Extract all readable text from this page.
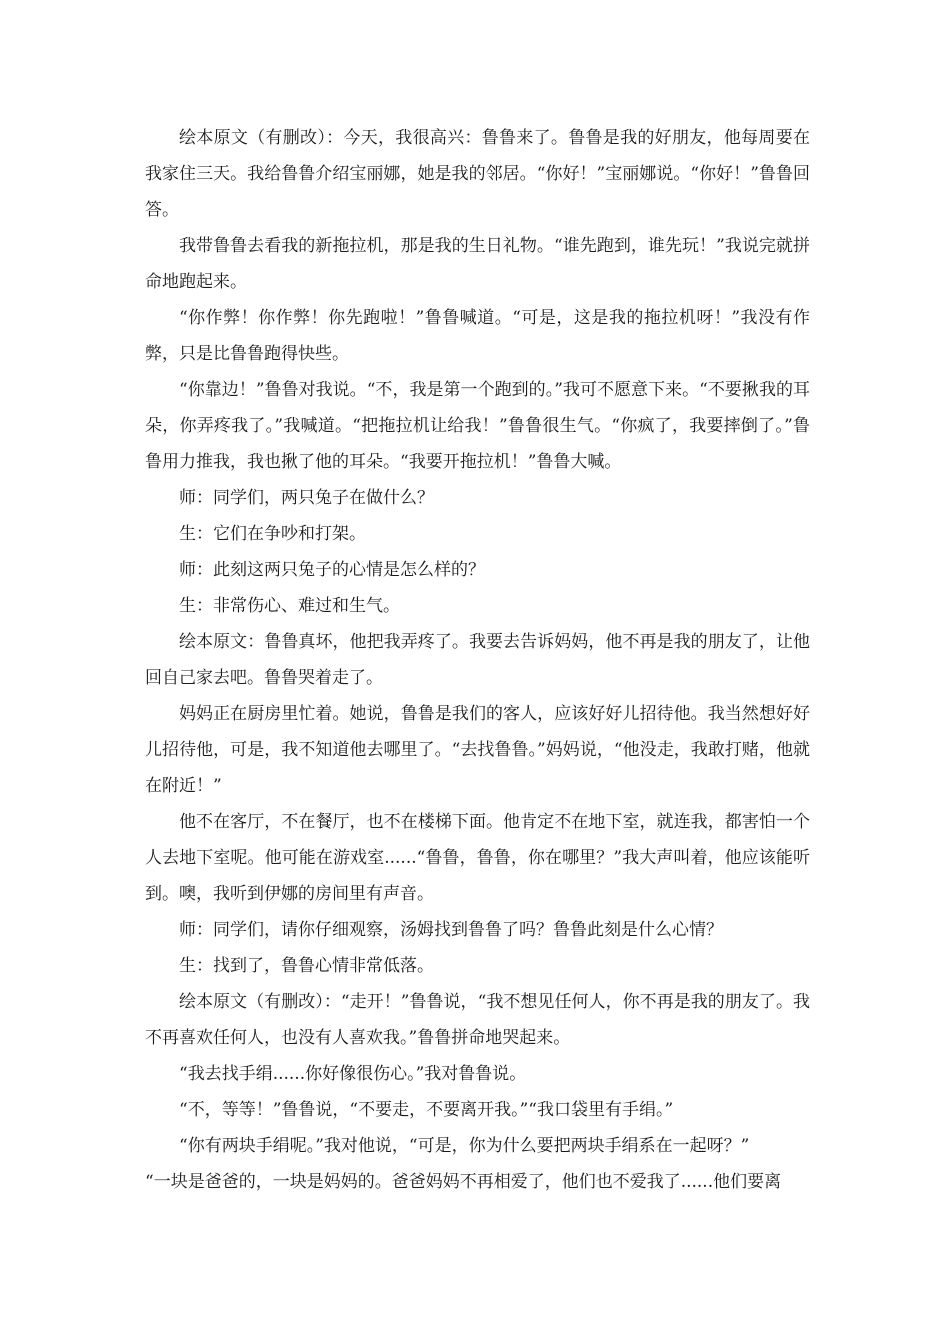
绘本原文（有删改）：今天，我很高兴：鲁鲁来了。鲁鲁是我的好朋友，他每周要在我家住三天。我给鲁鲁介绍宝丽娜，她是我的邻居。“你好！”宝丽娜说。“你好！”鲁鲁回答。

我带鲁鲁去看我的新拖拉机，那是我的生日礼物。“谁先跑到，谁先玩！”我说完就拼命地跑起来。

“你作弊！你作弊！你先跑啦！”鲁鲁喊道。“可是，这是我的拖拉机呀！”我没有作弊，只是比鲁鲁跑得快些。

“你靠边！”鲁鲁对我说。“不，我是第一个跑到的。”我可不愿意下来。“不要揪我的耳朵，你弄疼我了。”我喊道。“把拖拉机让给我！”鲁鲁很生气。“你疯了，我要摔倒了。”鲁鲁用力推我，我也揪了他的耳朵。“我要开拖拉机！”鲁鲁大喊。

师：同学们，两只兔子在做什么？

生：它们在争吵和打架。

师：此刻这两只兔子的心情是怎么样的？

生：非常伤心、难过和生气。

绘本原文：鲁鲁真坏，他把我弄疼了。我要去告诉妈妈，他不再是我的朋友了，让他回自己家去吧。鲁鲁哭着走了。

妈妈正在厨房里忙着。她说，鲁鲁是我们的客人，应该好好儿招待他。我当然想好好儿招待他，可是，我不知道他去哪里了。“去找鲁鲁。”妈妈说，“他没走，我敢打赌，他就在附近！”

他不在客厅，不在餐厅，也不在楼梯下面。他肯定不在地下室，就连我，都害怕一个人去地下室呢。他可能在游戏室......“鲁鲁，鲁鲁，你在哪里？”我大声叫着，他应该能听到。噢，我听到伊娜的房间里有声音。

师：同学们，请你仔细观察，汤姆找到鲁鲁了吗？鲁鲁此刻是什么心情？

生：找到了，鲁鲁心情非常低落。

绘本原文（有删改）：“走开！”鲁鲁说，“我不想见任何人，你不再是我的朋友了。我不再喜欢任何人，也没有人喜欢我。”鲁鲁拼命地哭起来。

“我去找手绢......你好像很伤心。”我对鲁鲁说。

“不，等等！”鲁鲁说，“不要走，不要离开我。”“我口袋里有手绢。”

“你有两块手绢呢。”我对他说，“可是，你为什么要把两块手绢系在一起呀？”

“一块是爸爸的，一块是妈妈的。爸爸妈妈不再相爱了，他们也不爱我了......他们要离
